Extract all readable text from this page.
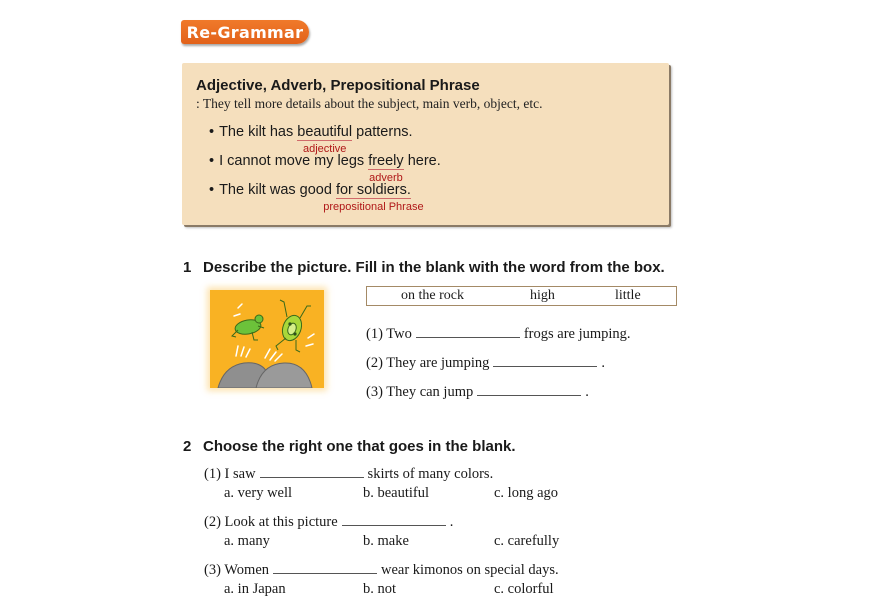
Re-Grammar
Adjective, Adverb, Prepositional Phrase
: They tell more details about the subject, main verb, object, etc.
• The kilt has beautiful
adjective
patterns.
• I cannot move my legs freely
adverb
here.
• The kilt was good for soldiers.
prepositional Phrase
1 Describe the picture. Fill in the blank with the word from the box.
on the rock	high	little
(1) Two	frogs are jumping.
(2) They are jumping	.
(3) They can jump	.
2 Choose the right one that goes in the blank.
(1) I saw	skirts of many colors.
a. very well	b. beautiful	c. long ago
(2) Look at this picture	.
a. many	b. make	c. carefully
(3) Women	wear kimonos on special days.
a. in Japan	b. not	c. colorful
